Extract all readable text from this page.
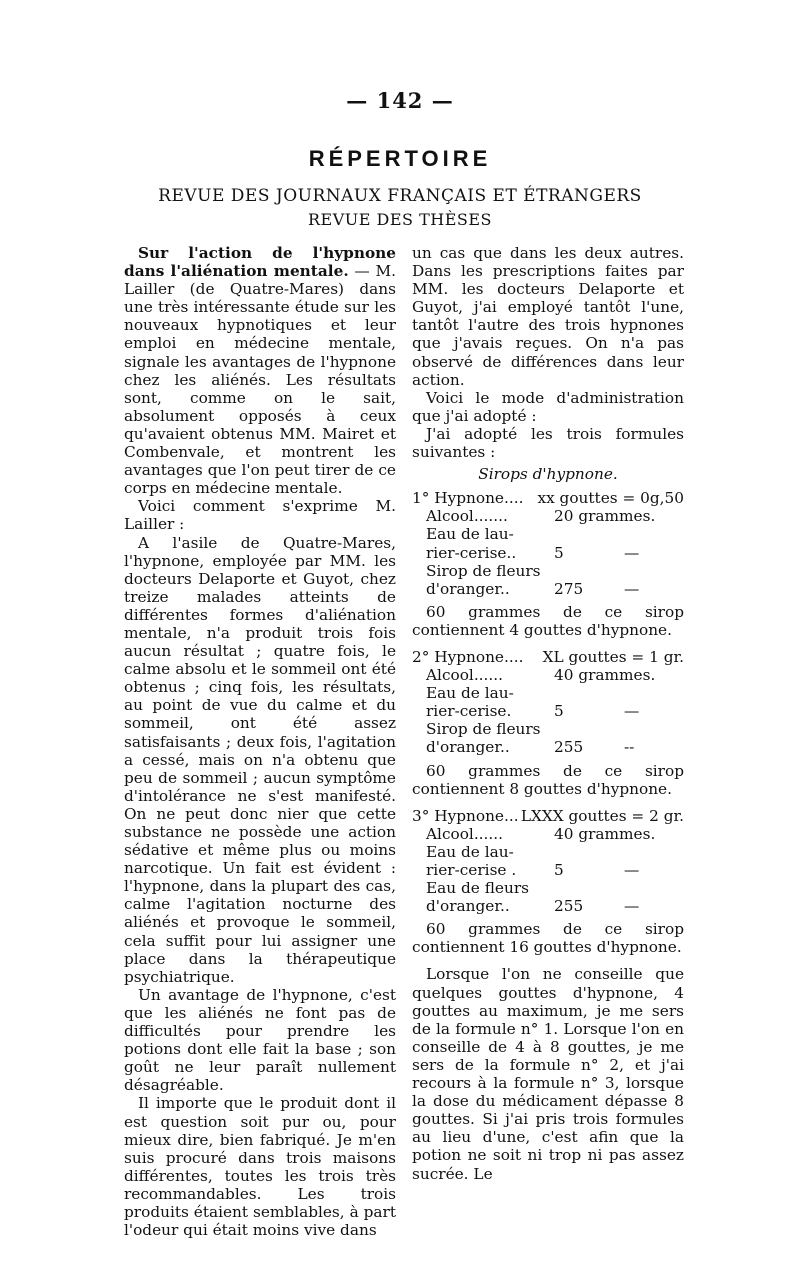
— 142 —
RÉPERTOIRE
REVUE DES JOURNAUX FRANÇAIS ET ÉTRANGERS
REVUE DES THÈSES

Sur l'action de l'hypnone dans l'aliénation mentale. — M. Lailler (de Quatre-Mares) dans une très intéressante étude sur les nouveaux hypnotiques et leur emploi en médecine mentale, signale les avantages de l'hypnone chez les aliénés. Les résultats sont, comme on le sait, absolument opposés à ceux qu'avaient obtenus MM. Mairet et Combenvale, et montrent les avantages que l'on peut tirer de ce corps en médecine mentale.

Voici comment s'exprime M. Lailler :

A l'asile de Quatre-Mares, l'hypnone, employée par MM. les docteurs Delaporte et Guyot, chez treize malades atteints de différentes formes d'aliénation mentale, n'a produit trois fois aucun résultat ; quatre fois, le calme absolu et le sommeil ont été obtenus ; cinq fois, les résultats, au point de vue du calme et du sommeil, ont été assez satisfaisants ; deux fois, l'agitation a cessé, mais on n'a obtenu que peu de sommeil ; aucun symptôme d'intolérance ne s'est manifesté. On ne peut donc nier que cette substance ne possède une action sédative et même plus ou moins narcotique. Un fait est évident : l'hypnone, dans la plupart des cas, calme l'agitation nocturne des aliénés et provoque le sommeil, cela suffit pour lui assigner une place dans la thérapeutique psychiatrique.

Un avantage de l'hypnone, c'est que les aliénés ne font pas de difficultés pour prendre les potions dont elle fait la base ; son goût ne leur paraît nullement désagréable.

Il importe que le produit dont il est question soit pur ou, pour mieux dire, bien fabriqué. Je m'en suis procuré dans trois maisons différentes, toutes les trois très recommandables. Les trois produits étaient semblables, à part l'odeur qui était moins vive dans

un cas que dans les deux autres. Dans les prescriptions faites par MM. les docteurs Delaporte et Guyot, j'ai employé tantôt l'une, tantôt l'autre des trois hypnones que j'avais reçues. On n'a pas observé de différences dans leur action.

Voici le mode d'administration que j'ai adopté :

J'ai adopté les trois formules suivantes :

Sirops d'hypnone.
1° Hypnone.... xx gouttes = 0g,50
Alcool.......	20 grammes.
Eau de lau-
rier-cerise..	5	—
Sirop de fleurs
d'oranger..	275	—

60 grammes de ce sirop contiennent 4 gouttes d'hypnone.

2° Hypnone.... XL gouttes = 1 gr.
Alcool......	40 grammes.
Eau de lau-
rier-cerise.	5	—
Sirop de fleurs
d'oranger..	255	--

60 grammes de ce sirop contiennent 8 gouttes d'hypnone.

3° Hypnone... LXXX gouttes = 2 gr.
Alcool......	40 grammes.
Eau de lau-
rier-cerise .	5	—
Eau de fleurs
d'oranger..	255	—

60 grammes de ce sirop contiennent 16 gouttes d'hypnone.

Lorsque l'on ne conseille que quelques gouttes d'hypnone, 4 gouttes au maximum, je me sers de la formule n° 1. Lorsque l'on en conseille de 4 à 8 gouttes, je me sers de la formule n° 2, et j'ai recours à la formule n° 3, lorsque la dose du médicament dépasse 8 gouttes. Si j'ai pris trois formules au lieu d'une, c'est afin que la potion ne soit ni trop ni pas assez sucrée. Le
